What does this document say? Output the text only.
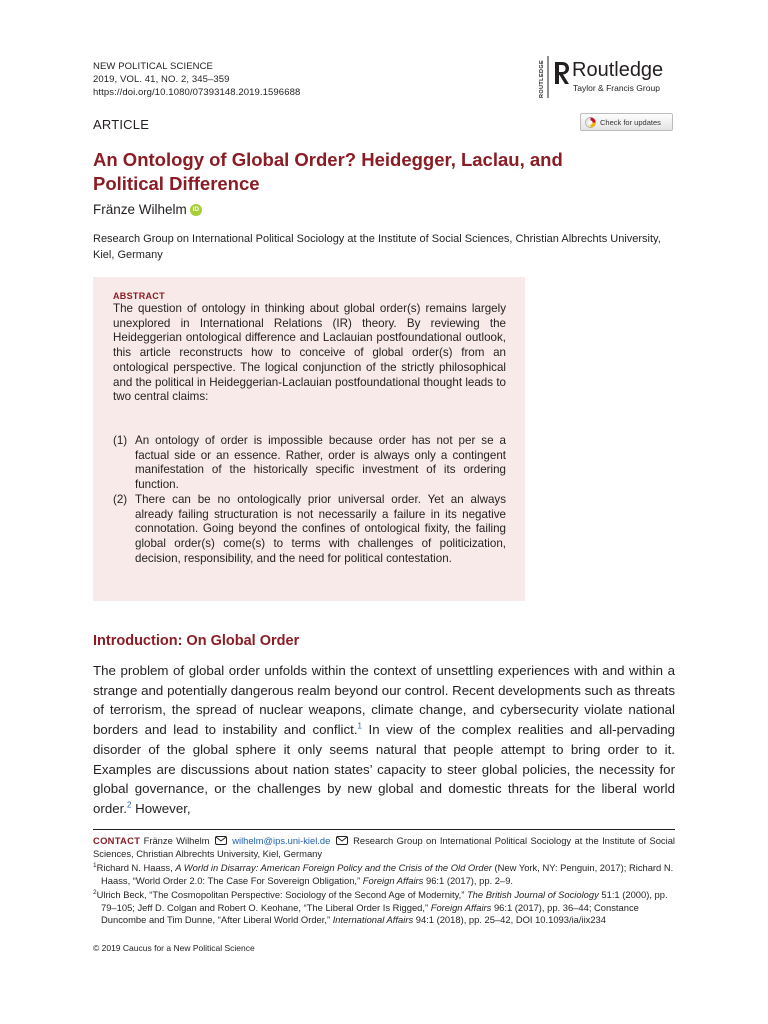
NEW POLITICAL SCIENCE
2019, VOL. 41, NO. 2, 345–359
https://doi.org/10.1080/07393148.2019.1596688	ROUTLEDGE Routledge
Taylor & Francis Group
ARTICLE	Check for updates
An Ontology of Global Order? Heidegger, Laclau, and
Political Difference
Fränze Wilhelm iD
Research Group on International Political Sociology at the Institute of Social Sciences, Christian Albrechts University, Kiel, Germany
ABSTRACT
The question of ontology in thinking about global order(s) remains largely unexplored in International Relations (IR) theory. By reviewing the Heideggerian ontological difference and Laclauian postfoundational outlook, this article reconstructs how to conceive of global order(s) from an ontological perspective. The logical conjunction of the strictly philosophical and the political in Heideggerian-Laclauian postfoundational thought leads to two central claims:
(1) An ontology of order is impossible because order has not per se a factual side or an essence. Rather, order is always only a contingent manifestation of the historically specific investment of its ordering function.
(2) There can be no ontologically prior universal order. Yet an always already failing structuration is not necessarily a failure in its negative connotation. Going beyond the confines of ontological fixity, the failing global order(s) come(s) to terms with challenges of politicization, decision, responsibility, and the need for political contestation.
Introduction: On Global Order
The problem of global order unfolds within the context of unsettling experiences with and within a strange and potentially dangerous realm beyond our control. Recent developments such as threats of terrorism, the spread of nuclear weapons, climate change, and cybersecurity violate national borders and lead to instability and conflict.$^1$ In view of the complex realities and all-pervading disorder of the global sphere it only seems natural that people attempt to bring order to it. Examples are discussions about nation states’ capacity to steer global policies, the necessity for global governance, or the challenges by new global and domestic threats for the liberal world order.$^2$ However,
CONTACT Fränze Wilhelm wilhelm@ips.uni-kiel.de Research Group on International Political Sociology at the Institute of Social Sciences, Christian Albrechts University, Kiel, Germany
$^1$Richard N. Haass, A World in Disarray: American Foreign Policy and the Crisis of the Old Order (New York, NY: Penguin, 2017); Richard N. Haass, “World Order 2.0: The Case For Sovereign Obligation,” Foreign Affairs 96:1 (2017), pp. 2–9.
$^2$Ulrich Beck, “The Cosmopolitan Perspective: Sociology of the Second Age of Modernity,” The British Journal of Sociology 51:1 (2000), pp. 79–105; Jeff D. Colgan and Robert O. Keohane, “The Liberal Order Is Rigged,” Foreign Affairs 96:1 (2017), pp. 36–44; Constance Duncombe and Tim Dunne, “After Liberal World Order,” International Affairs 94:1 (2018), pp. 25–42, DOI 10.1093/ia/iix234
© 2019 Caucus for a New Political Science
